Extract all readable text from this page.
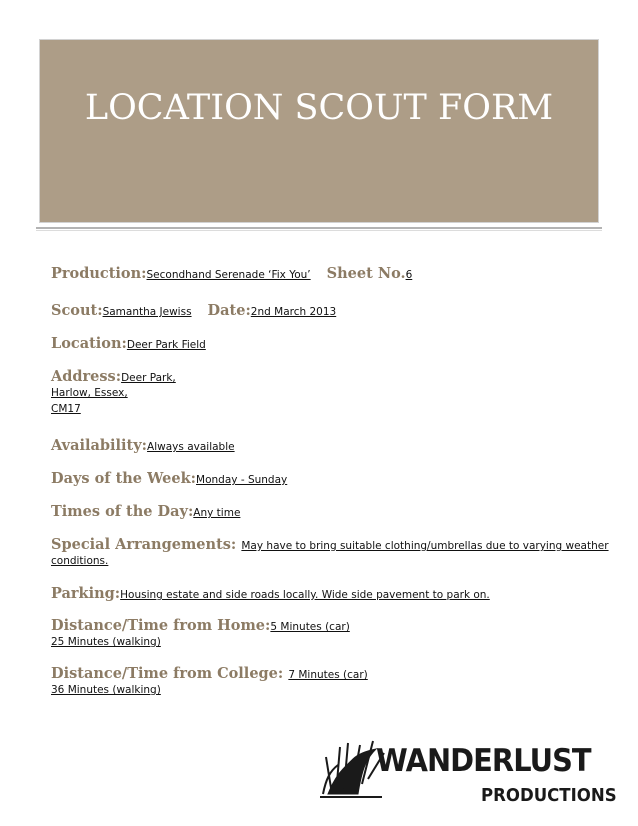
LOCATION SCOUT FORM
Production:Secondhand Serenade ‘Fix You’ Sheet No.6
Scout:Samantha Jewiss Date:2nd March 2013
Location:Deer Park Field
Address:Deer Park,
Harlow, Essex,
CM17
Availability:Always available
Days of the Week:Monday - Sunday
Times of the Day:Any time
Special Arrangements: May have to bring suitable clothing/umbrellas due to varying weather
conditions.
Parking:Housing estate and side roads locally. Wide side pavement to park on.
Distance/Time from Home:5 Minutes (car)
25 Minutes (walking)
Distance/Time from College: 7 Minutes (car)
36 Minutes (walking)
WANDERLUST
PRODUCTIONS
